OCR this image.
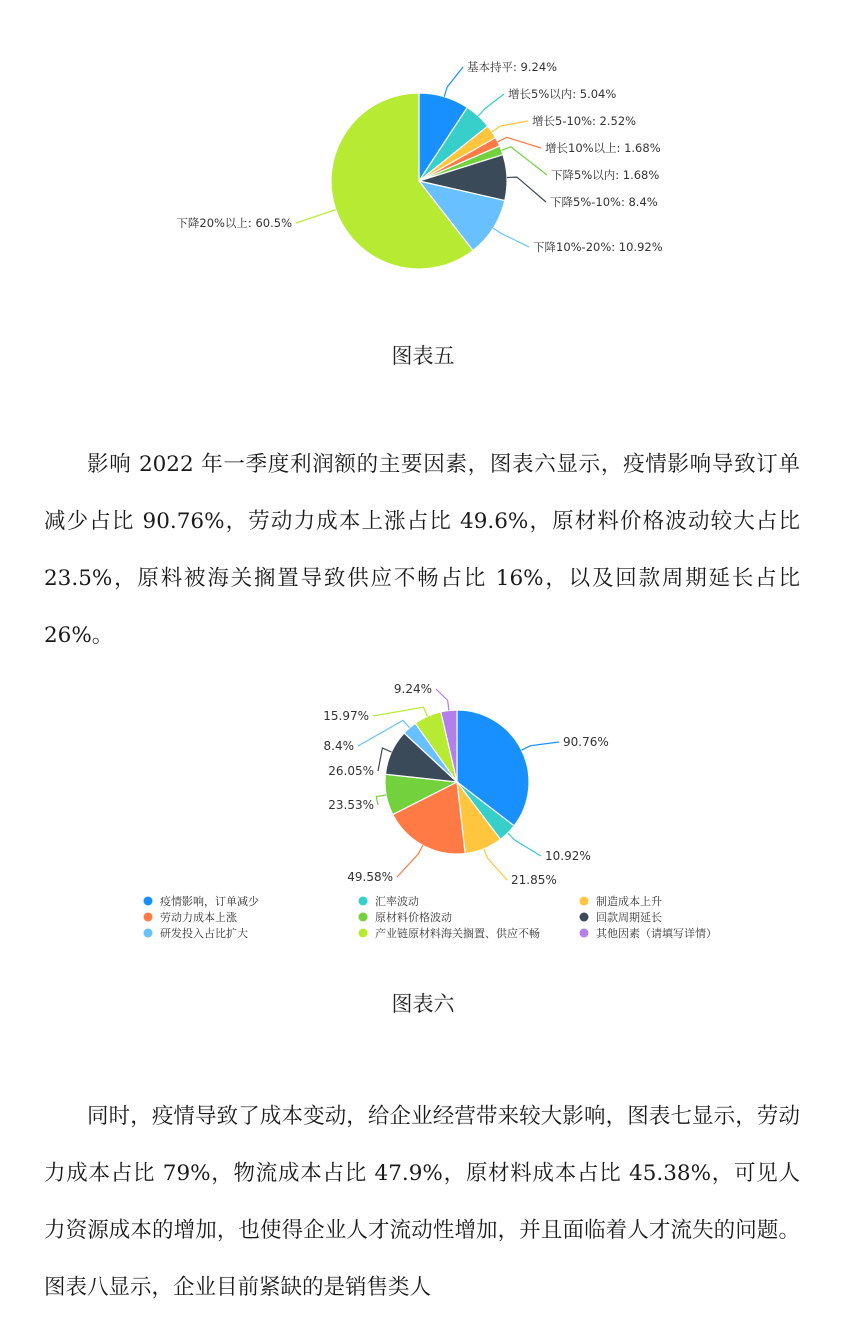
基本持平: 9.24%
增长5%以内: 5.04%
增长5-10%: 2.52%
增长10%以上: 1.68%
下降5%以内: 1.68%
下降5%-10%: 8.4%
下降10%-20%: 10.92%
下降20%以上: 60.5%
图表五

影响 2022 年一季度利润额的主要因素，图表六显示，疫情影响导致订单减少占比 90.76%，劳动力成本上涨占比 49.6%，原材料价格波动较大占比 23.5%，原料被海关搁置导致供应不畅占比 16%，以及回款周期延长占比 26%。

90.76%
10.92%
21.85%
49.58%
23.53%
26.05%
8.4%
15.97%
9.24%
疫情影响，订单减少	汇率波动	制造成本上升
劳动力成本上涨	原材料价格波动	回款周期延长
研发投入占比扩大	产业链原材料海关搁置、供应不畅	其他因素（请填写详情）
图表六

同时，疫情导致了成本变动，给企业经营带来较大影响，图表七显示，劳动力成本占比 79%，物流成本占比 47.9%，原材料成本占比 45.38%，可见人力资源成本的增加，也使得企业人才流动性增加，并且面临着人才流失的问题。图表八显示，企业目前紧缺的是销售类人
